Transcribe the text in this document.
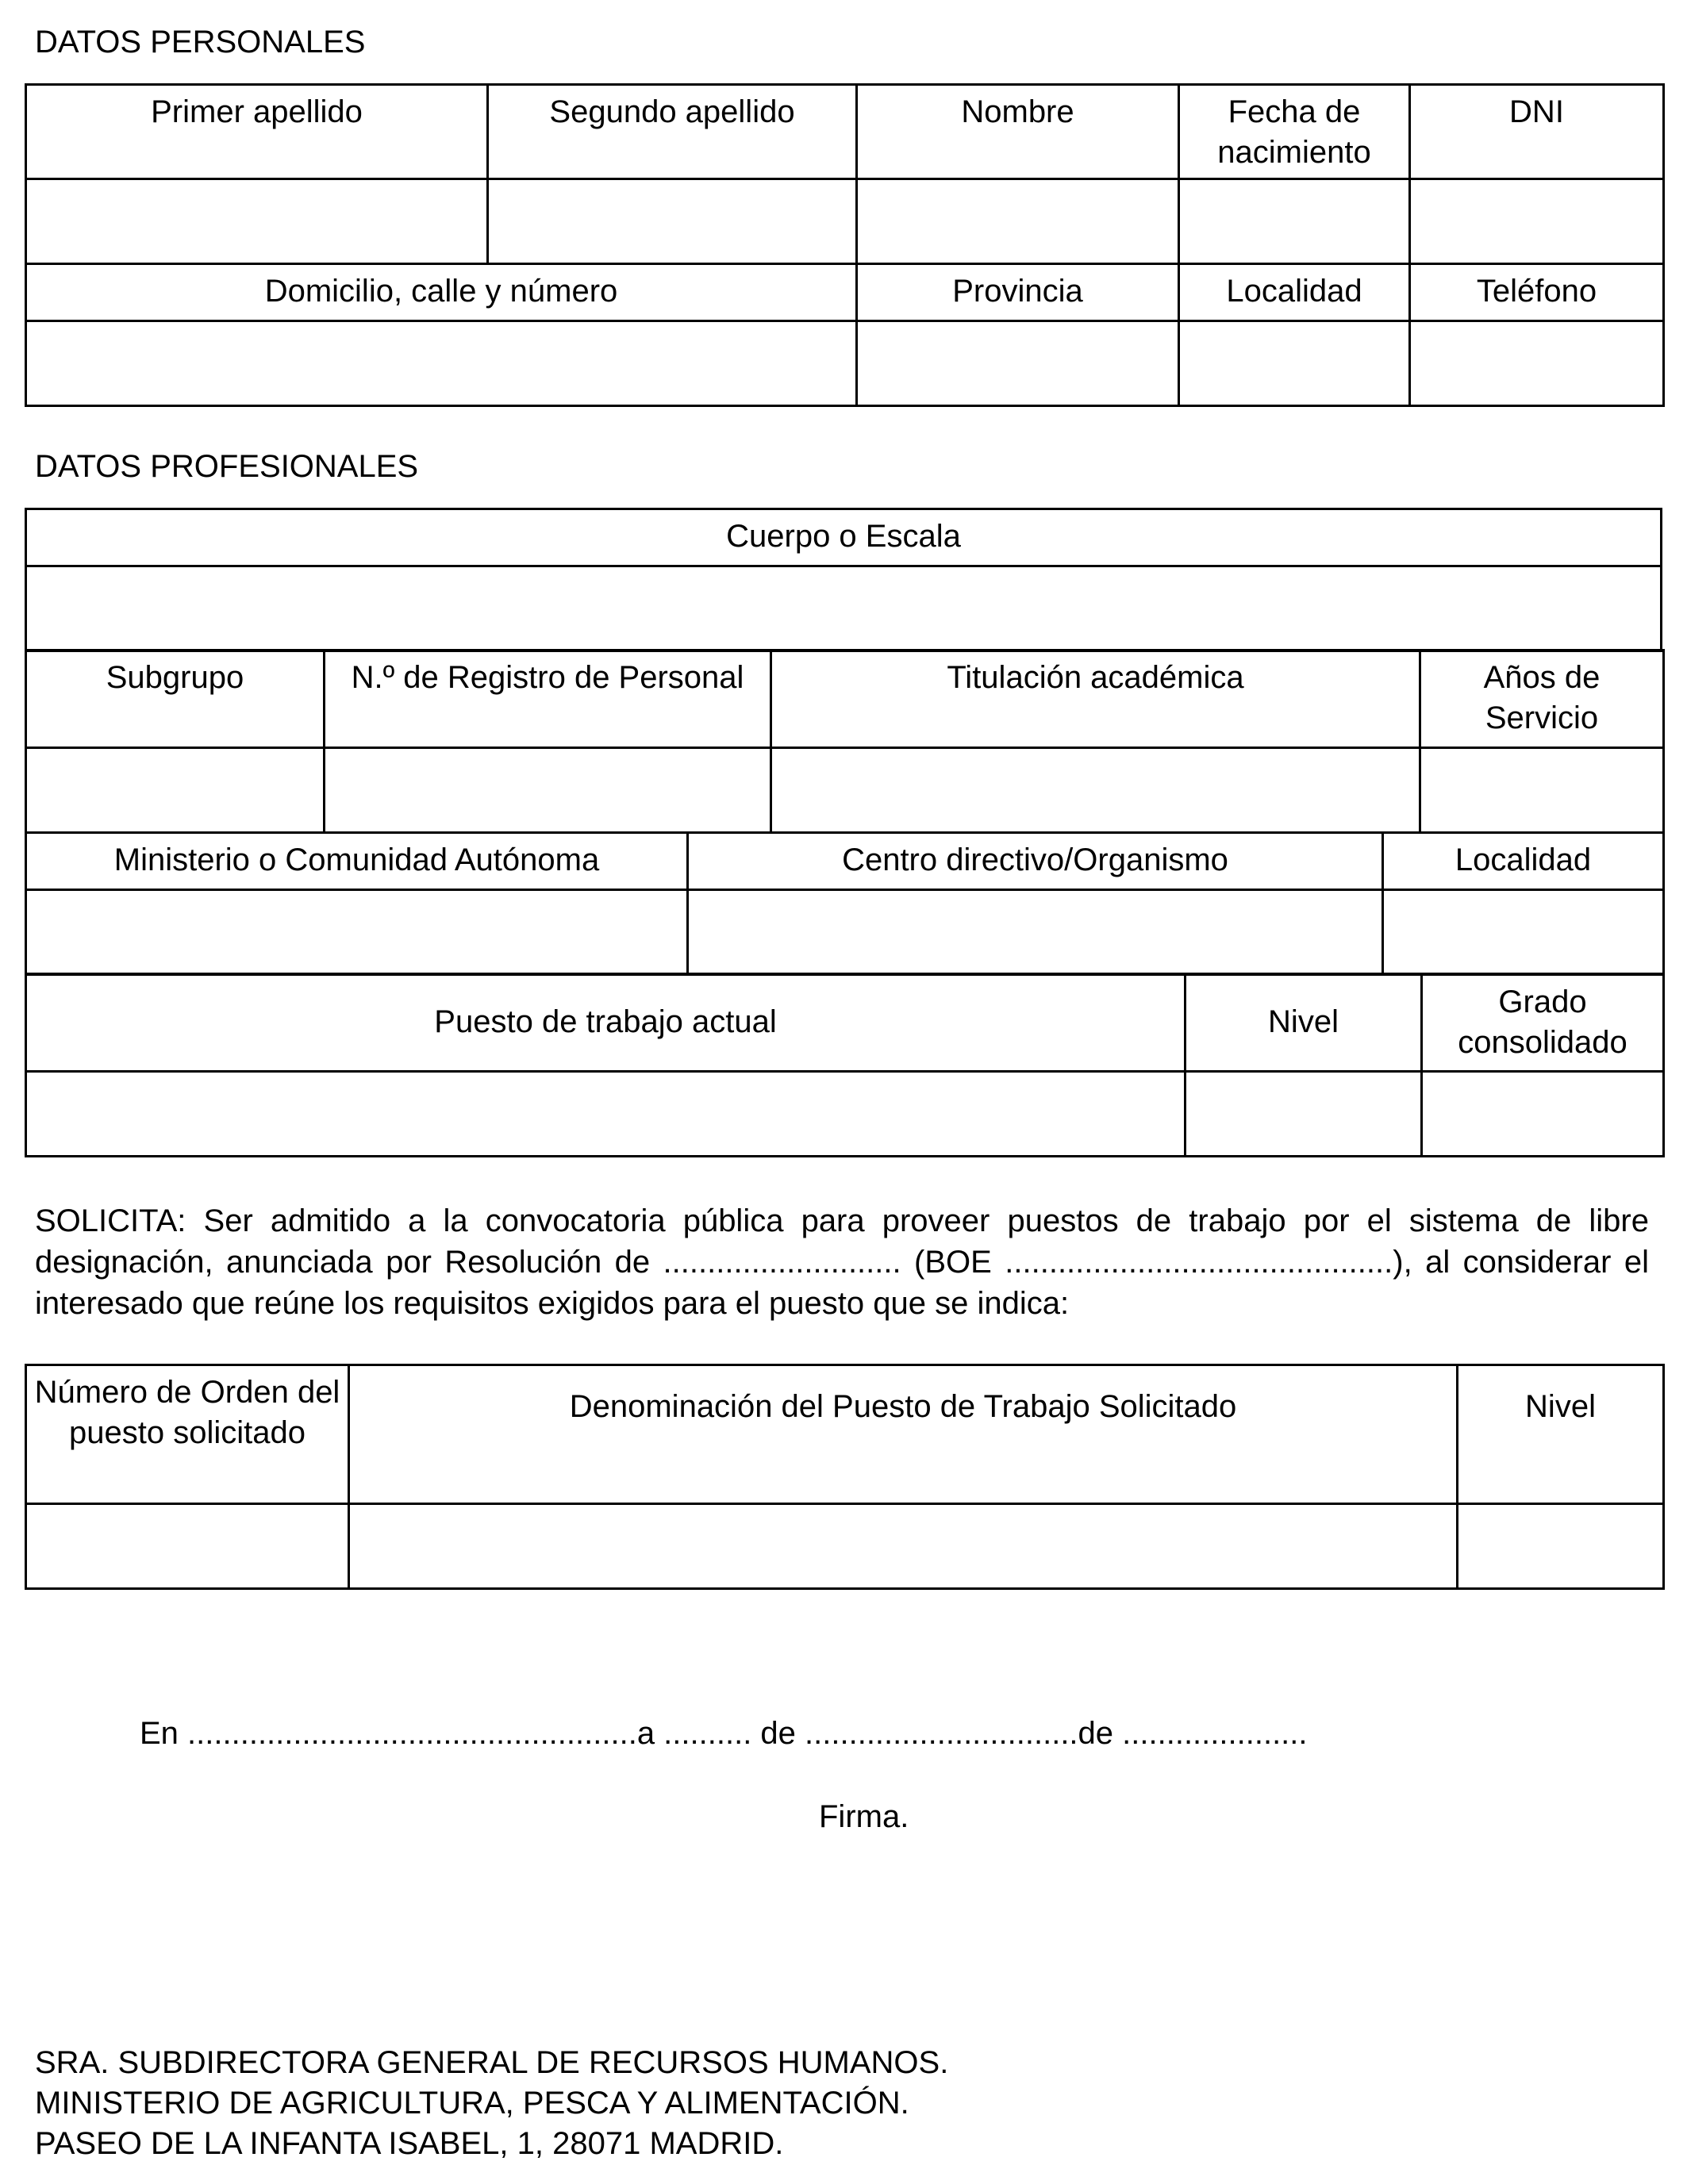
DATOS PERSONALES
Primer apellido	Segundo apellido	Nombre	Fecha de nacimiento	DNI

Domicilio, calle y número		Provincia	Localidad	Teléfono

DATOS PROFESIONALES
Cuerpo o Escala

Subgrupo	N.º de Registro de Personal	Titulación académica	Años de Servicio

Ministerio o Comunidad Autónoma	Centro directivo/Organismo	Localidad

Puesto de trabajo actual	Nivel	Grado consolidado

SOLICITA: Ser admitido a la convocatoria pública para proveer puestos de trabajo por el sistema de libre designación, anunciada por Resolución de ........................... (BOE ............................................), al considerar el interesado que reúne los requisitos exigidos para el puesto que se indica:

Número de Orden del puesto solicitado	Denominación del Puesto de Trabajo Solicitado	Nivel

En ...................................................a .......... de ...............................de .....................

Firma.

SRA. SUBDIRECTORA GENERAL DE RECURSOS HUMANOS.
MINISTERIO DE AGRICULTURA, PESCA Y ALIMENTACIÓN.
PASEO DE LA INFANTA ISABEL, 1, 28071 MADRID.
